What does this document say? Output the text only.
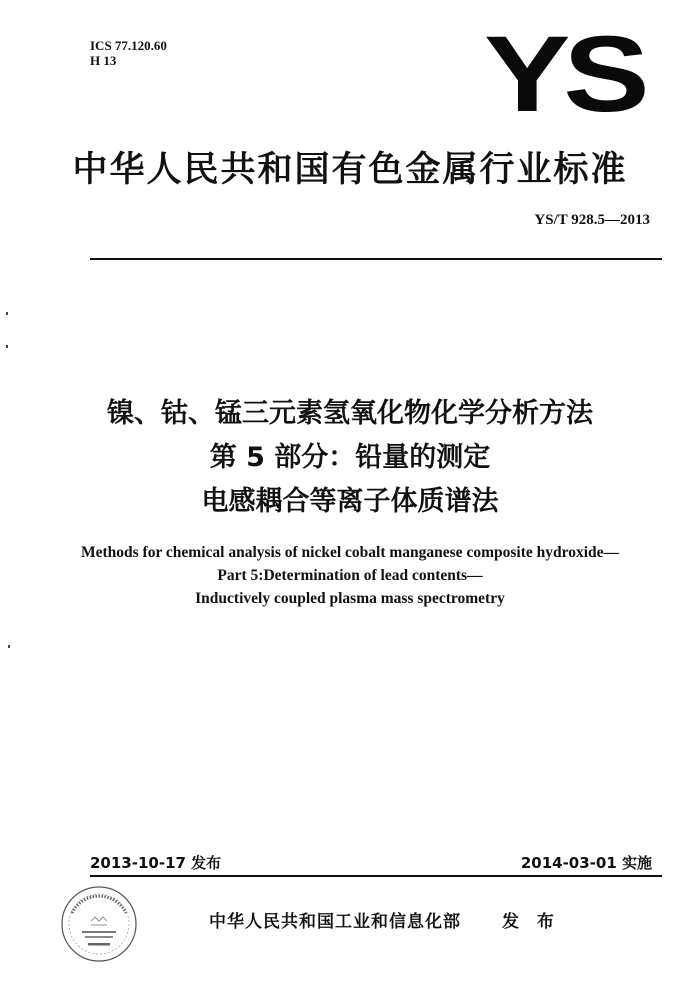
ICS 77.120.60
H 13	YS
中华人民共和国有色金属行业标准
YS/T 928.5—2013
镍、钴、锰三元素氢氧化物化学分析方法
第 5 部分：铅量的测定
电感耦合等离子体质谱法
Methods for chemical analysis of nickel cobalt manganese composite hydroxide—
Part 5:Determination of lead contents—
Inductively coupled plasma mass spectrometry
2013-10-17 发布	2014-03-01 实施
中华人民共和国工业和信息化部 发 布
